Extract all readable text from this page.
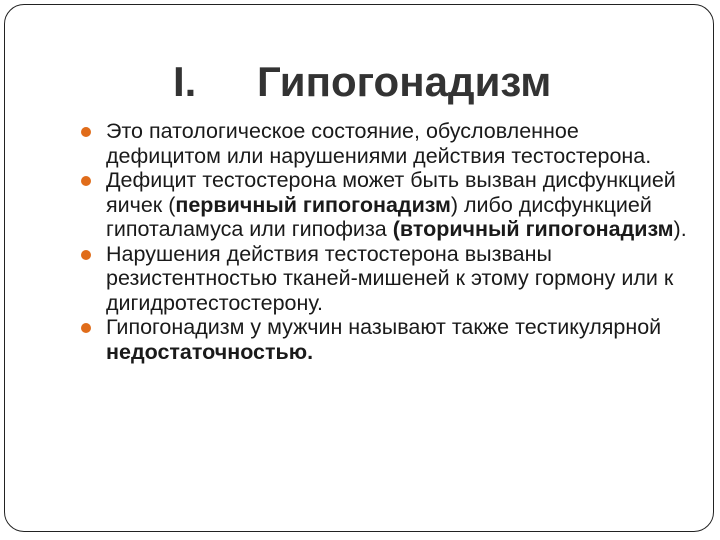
I. Гипогонадизм
Это патологическое состояние, обусловленное дефицитом или нарушениями действия тестостерона.
Дефицит тестостерона может быть вызван дисфункцией яичек (первичный гипогонадизм) либо дисфункцией гипоталамуса или гипофиза (вторичный гипогонадизм).
Нарушения действия тестостерона вызваны резистентностью тканей-мишеней к этому гормону или к дигидротестостерону.
Гипогонадизм у мужчин называют также тестикулярной недостаточностью.
